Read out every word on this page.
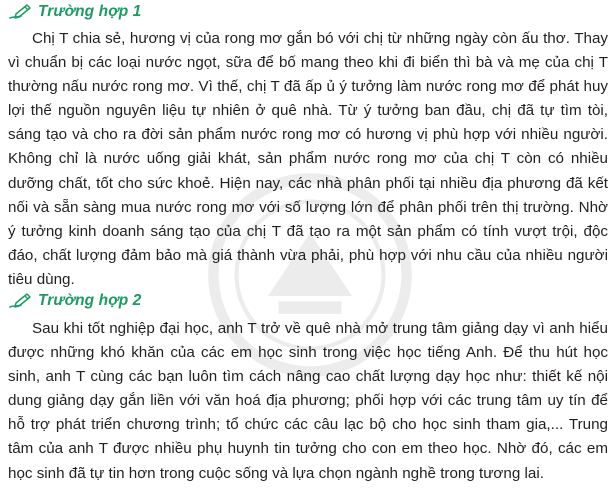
Trường hợp 1

Chị T chia sẻ, hương vị của rong mơ gắn bó với chị từ những ngày còn ấu thơ. Thay vì chuẩn bị các loại nước ngọt, sữa để bố mang theo khi đi biển thì bà và mẹ của chị T thường nấu nước rong mơ. Vì thế, chị T đã ấp ủ ý tưởng làm nước rong mơ để phát huy lợi thế nguồn nguyên liệu tự nhiên ở quê nhà. Từ ý tưởng ban đầu, chị đã tự tìm tòi, sáng tạo và cho ra đời sản phẩm nước rong mơ có hương vị phù hợp với nhiều người. Không chỉ là nước uống giải khát, sản phẩm nước rong mơ của chị T còn có nhiều dưỡng chất, tốt cho sức khoẻ. Hiện nay, các nhà phân phối tại nhiều địa phương đã kết nối và sẵn sàng mua nước rong mơ với số lượng lớn để phân phối trên thị trường. Nhờ ý tưởng kinh doanh sáng tạo của chị T đã tạo ra một sản phẩm có tính vượt trội, độc đáo, chất lượng đảm bảo mà giá thành vừa phải, phù hợp với nhu cầu của nhiều người tiêu dùng.

Trường hợp 2

Sau khi tốt nghiệp đại học, anh T trở về quê nhà mở trung tâm giảng dạy vì anh hiểu được những khó khăn của các em học sinh trong việc học tiếng Anh. Để thu hút học sinh, anh T cùng các bạn luôn tìm cách nâng cao chất lượng dạy học như: thiết kế nội dung giảng dạy gắn liền với văn hoá địa phương; phối hợp với các trung tâm uy tín để hỗ trợ phát triển chương trình; tổ chức các câu lạc bộ cho học sinh tham gia,... Trung tâm của anh T được nhiều phụ huynh tin tưởng cho con em theo học. Nhờ đó, các em học sinh đã tự tin hơn trong cuộc sống và lựa chọn ngành nghề trong tương lai.
